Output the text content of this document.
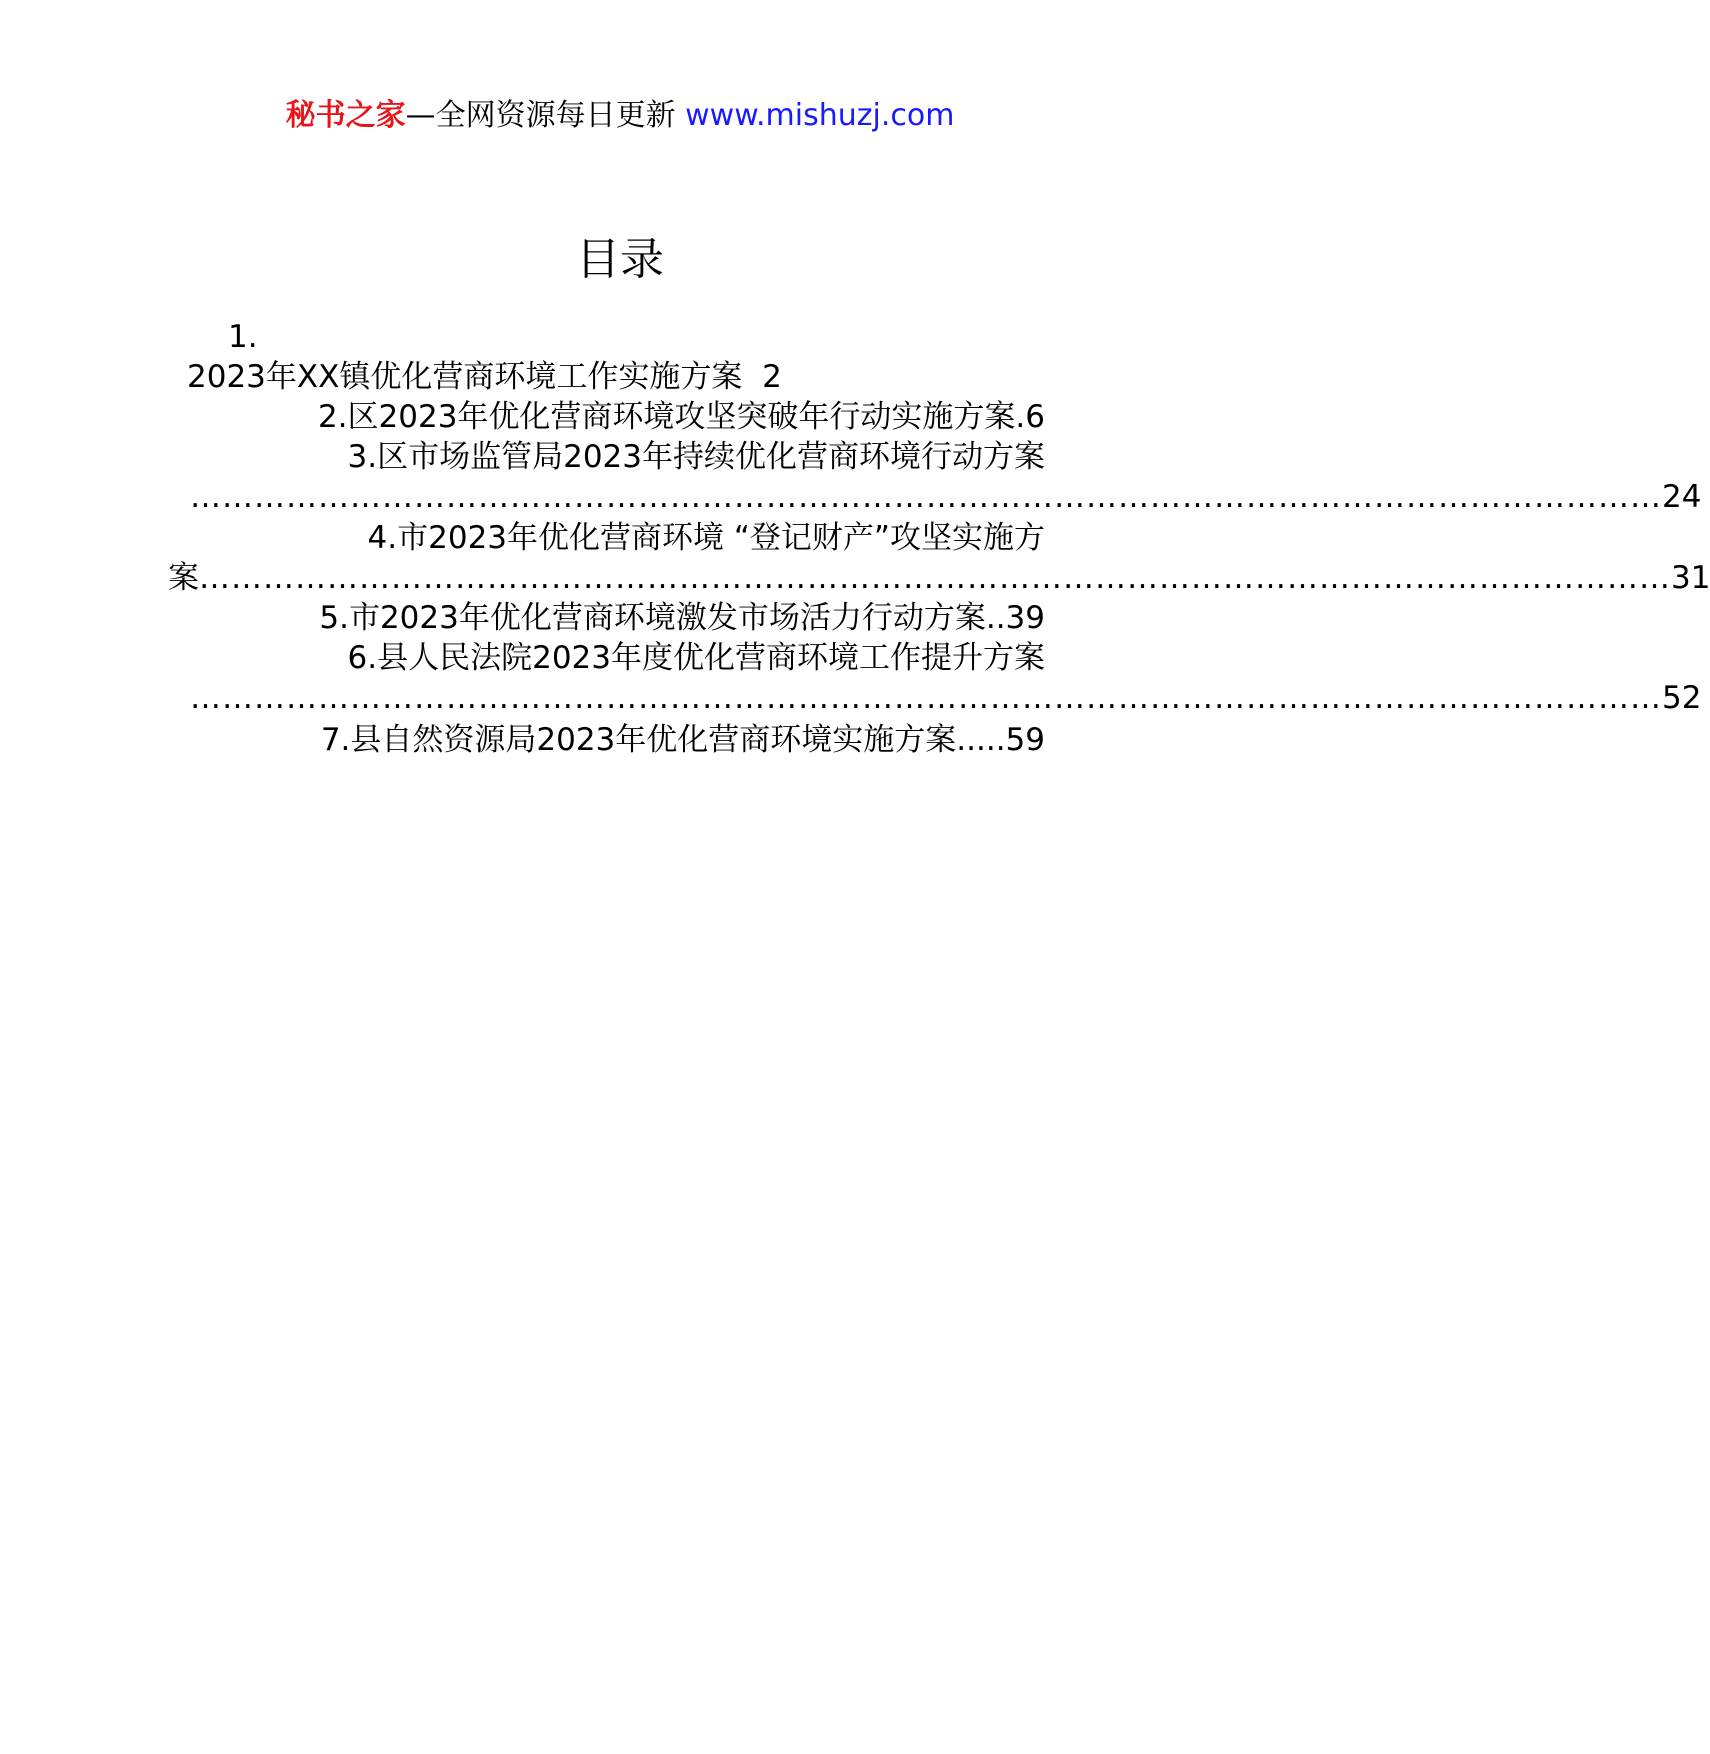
秘书之家—全网资源每日更新 www.mishuzj.com
目录
1.
2023年XX镇优化营商环境工作实施方案 2
2.区2023年优化营商环境攻坚突破年行动实施方案.6
3.区市场监管局2023年持续优化营商环境行动方案
………………………………………………………………………………………………………………………… 24
4.市2023年优化营商环境 “登记财产”攻坚实施方
案 ………………………………………………………………………………………………………………………… 31
5.市2023年优化营商环境激发市场活力行动方案..39
6.县人民法院2023年度优化营商环境工作提升方案
………………………………………………………………………………………………………………………… 52
7.县自然资源局2023年优化营商环境实施方案.....59
